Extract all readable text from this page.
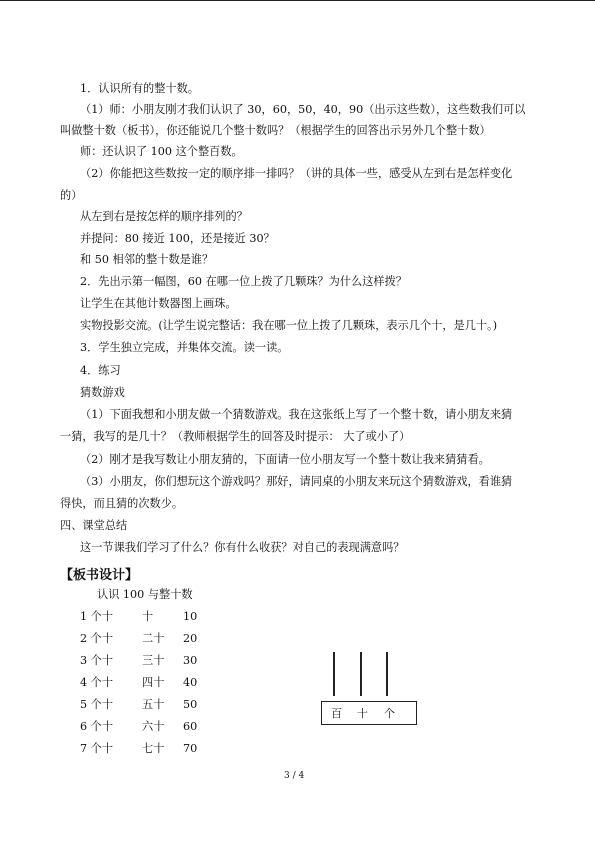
1．认识所有的整十数。
（1）师：小朋友刚才我们认识了 30，60，50，40，90（出示这些数），这些数我们可以
叫做整十数（板书），你还能说几个整十数吗？（根据学生的回答出示另外几个整十数）
师：还认识了 100 这个整百数。
（2）你能把这些数按一定的顺序排一排吗？（讲的具体一些，感受从左到右是怎样变化
的）
从左到右是按怎样的顺序排列的？
并提问：80 接近 100，还是接近 30？
和 50 相邻的整十数是谁？
2．先出示第一幅图，60 在哪一位上拨了几颗珠？为什么这样拨？
让学生在其他计数器图上画珠。
实物投影交流。(让学生说完整话：我在哪一位上拨了几颗珠，表示几个十，是几十。)
3．学生独立完成，并集体交流。读一读。
4．练习
猜数游戏
（1）下面我想和小朋友做一个猜数游戏。我在这张纸上写了一个整十数，请小朋友来猜
一猜，我写的是几十？（教师根据学生的回答及时提示： 大了或小了）
（2）刚才是我写数让小朋友猜的，下面请一位小朋友写一个整十数让我来猜猜看。
（3）小朋友，你们想玩这个游戏吗？那好，请同桌的小朋友来玩这个猜数游戏，看谁猜
得快，而且猜的次数少。
四、课堂总结
这一节课我们学习了什么？你有什么收获？对自己的表现满意吗？
【板书设计】
认识 100 与整十数
1 个十	十	10
2 个十	二十 20
3 个十	三十 30
4 个十	四十 40
5 个十	五十 50
6 个十	六十 60
7 个十	七十 70
百 十 个
3 / 4
